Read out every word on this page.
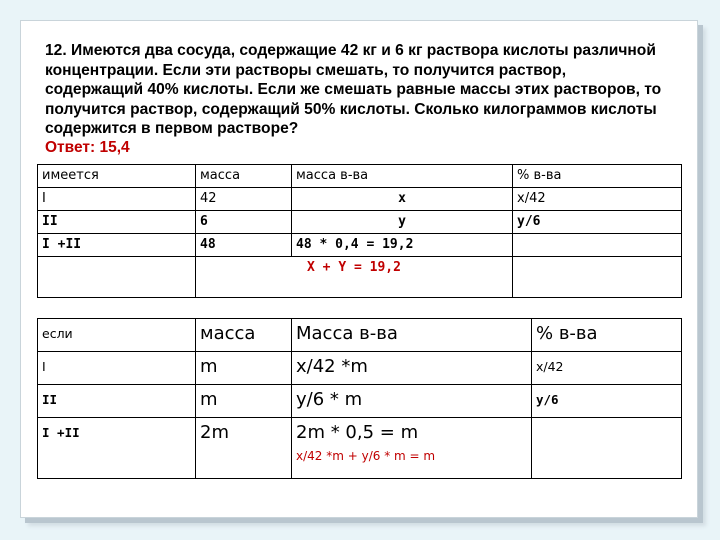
12. Имеются два сосуда, содержащие 42 кг и 6 кг раствора кислоты различной
концентрации. Если эти растворы смешать, то получится раствор,
содержащий 40% кислоты. Если же смешать равные массы этих растворов, то
получится раствор, содержащий 50% кислоты. Сколько килограммов кислоты
содержится в первом растворе?
Ответ: 15,4
имеется	масса	масса в-ва	% в-ва
I	42	x	x/42
II	6	y	y/6
I +II	48	48 * 0,4 = 19,2	
	X + Y = 19,2		
если	масса	Масса в-ва	% в-ва
I	m	x/42 *m	x/42
II	m	y/6 * m	y/6
I +II	2m	2m * 0,5 = m
x/42 *m + y/6 * m = m	
